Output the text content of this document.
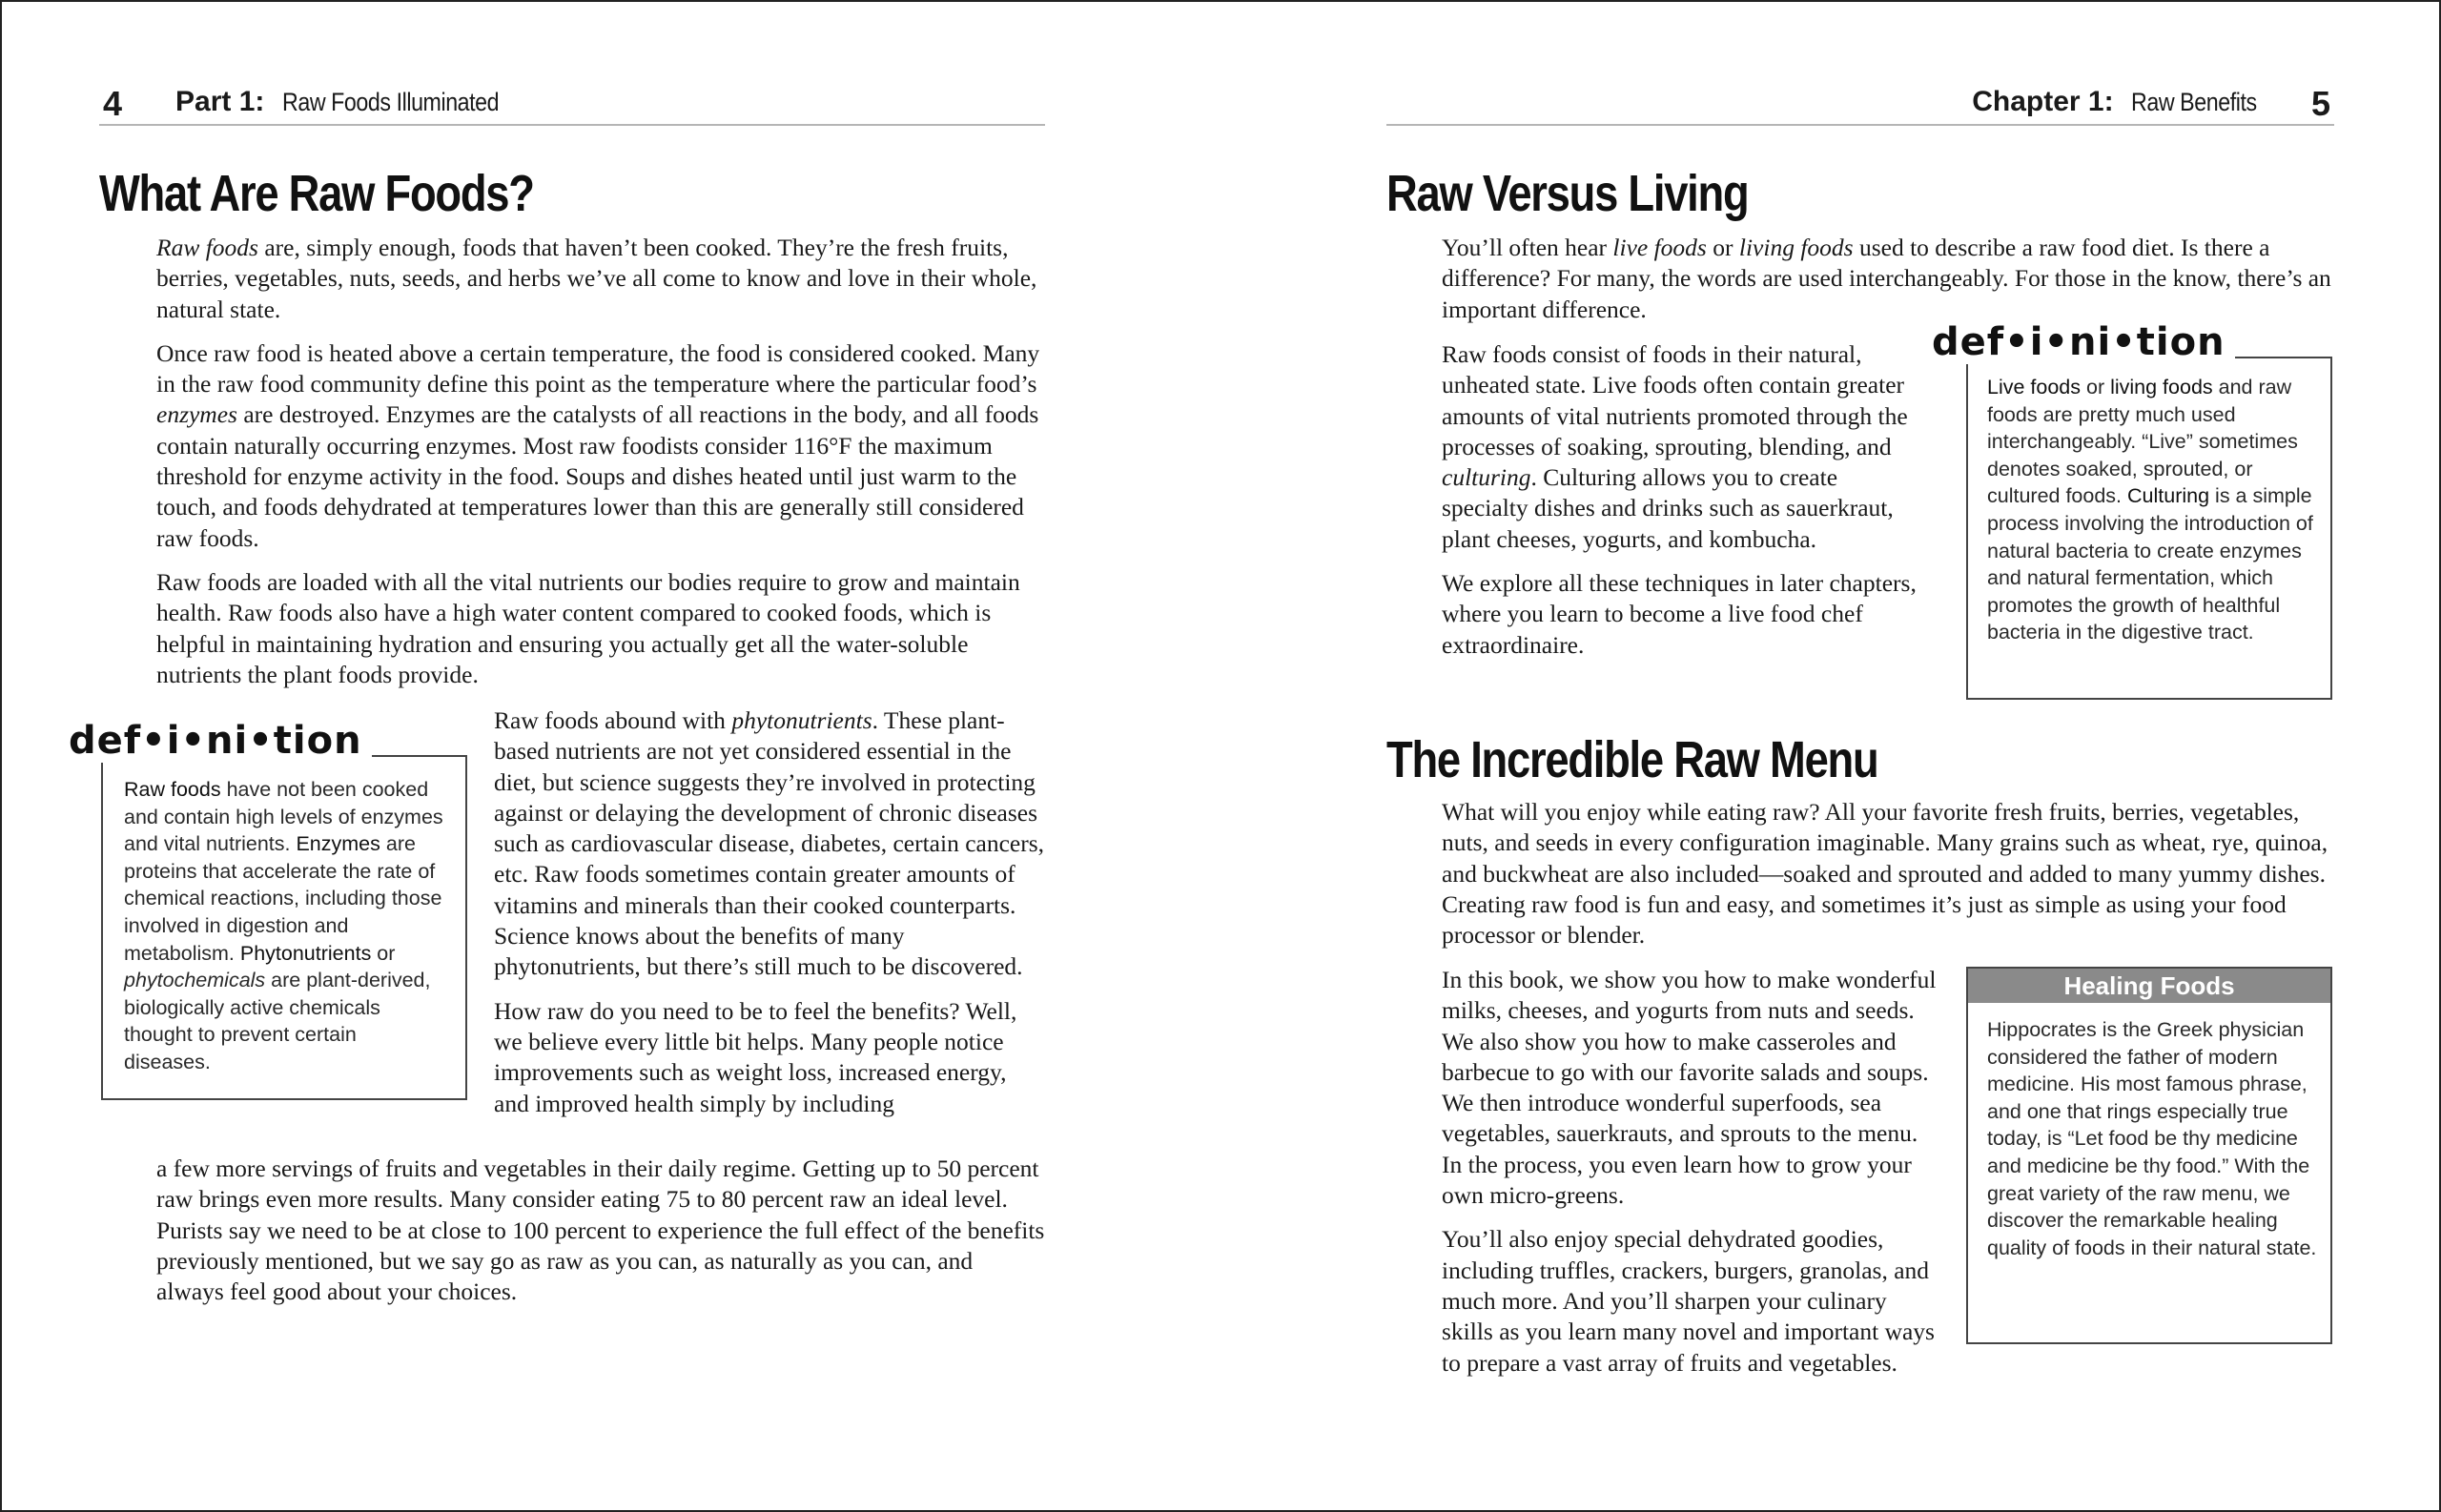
4 Part 1: Raw Foods Illuminated
What Are Raw Foods?

Raw foods are, simply enough, foods that haven’t been cooked. They’re the fresh fruits, berries, vegetables, nuts, seeds, and herbs we’ve all come to know and love in their whole, natural state.

Once raw food is heated above a certain temperature, the food is considered cooked. Many in the raw food community define this point as the temperature where the particular food’s enzymes are destroyed. Enzymes are the catalysts of all reactions in the body, and all foods contain naturally occurring enzymes. Most raw foodists consider 116°F the maximum threshold for enzyme activity in the food. Soups and dishes heated until just warm to the touch, and foods dehydrated at temperatures lower than this are generally still considered raw foods.

Raw foods are loaded with all the vital nutrients our bodies require to grow and maintain health. Raw foods also have a high water content compared to cooked foods, which is helpful in maintaining hydration and ensuring you actually get all the water-soluble nutrients the plant foods provide.

Raw foods have not been cooked and contain high levels of enzymes and vital nutrients. Enzymes are proteins that accelerate the rate of chemical reactions, including those involved in digestion and metabolism. Phytonutrients or phytochemicals are plant-derived, biologically active chemicals thought to prevent certain diseases.
def•i•ni•tion	Raw foods abound with phytonutrients. These plant-based nutrients are not yet considered essential in the diet, but science suggests they’re involved in protecting against or delaying the development of chronic diseases such as cardiovascular disease, diabetes, certain cancers, etc. Raw foods sometimes contain greater amounts of vitamins and minerals than their cooked counterparts. Science knows about the benefits of many phytonutrients, but there’s still much to be discovered.

How raw do you need to be to feel the benefits? Well, we believe every little bit helps. Many people notice improvements such as weight loss, increased energy, and improved health simply by including

a few more servings of fruits and vegetables in their daily regime. Getting up to 50 percent raw brings even more results. Many consider eating 75 to 80 percent raw an ideal level. Purists say we need to be at close to 100 percent to experience the full effect of the benefits previously mentioned, but we say go as raw as you can, as naturally as you can, and always feel good about your choices.

Chapter 1: Raw Benefits 5
Raw Versus Living

You’ll often hear live foods or living foods used to describe a raw food diet. Is there a difference? For many, the words are used interchangeably. For those in the know, there’s an important difference.

Raw foods consist of foods in their natural, unheated state. Live foods often contain greater amounts of vital nutrients promoted through the processes of soaking, sprouting, blending, and culturing. Culturing allows you to create specialty dishes and drinks such as sauerkraut, plant cheeses, yogurts, and kombucha.

We explore all these techniques in later chapters, where you learn to become a live food chef extraordinaire.

Live foods or living foods and raw foods are pretty much used interchangeably. “Live” sometimes denotes soaked, sprouted, or cultured foods. Culturing is a simple process involving the introduction of natural bacteria to create enzymes and natural fermentation, which promotes the growth of healthful bacteria in the digestive tract.
def•i•ni•tion
The Incredible Raw Menu

What will you enjoy while eating raw? All your favorite fresh fruits, berries, vegetables, nuts, and seeds in every configuration imaginable. Many grains such as wheat, rye, quinoa, and buckwheat are also included—soaked and sprouted and added to many yummy dishes. Creating raw food is fun and easy, and sometimes it’s just as simple as using your food processor or blender.

In this book, we show you how to make wonderful milks, cheeses, and yogurts from nuts and seeds. We also show you how to make casseroles and barbecue to go with our favorite salads and soups. We then introduce wonderful superfoods, sea vegetables, sauerkrauts, and sprouts to the menu. In the process, you even learn how to grow your own micro-greens.

You’ll also enjoy special dehydrated goodies, including truffles, crackers, burgers, granolas, and much more. And you’ll sharpen your culinary skills as you learn many novel and important ways to prepare a vast array of fruits and vegetables.

Healing Foods
Hippocrates is the Greek physician considered the father of modern medicine. His most famous phrase, and one that rings especially true today, is “Let food be thy medicine and medicine be thy food.” With the great variety of the raw menu, we discover the remarkable healing quality of foods in their natural state.
